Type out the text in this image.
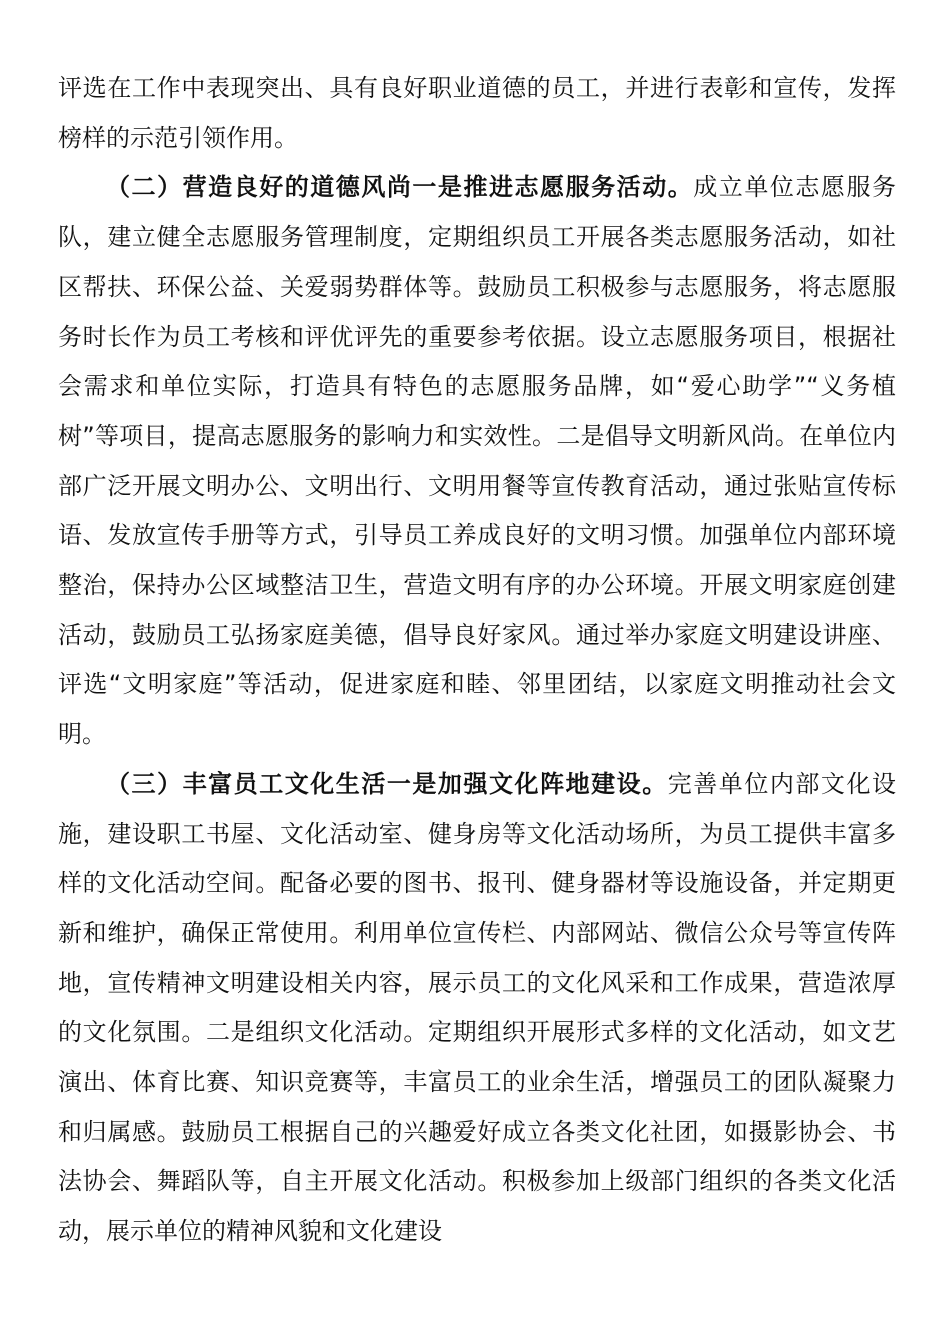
评选在工作中表现突出、具有良好职业道德的员工，并进行表彰和宣传，发挥榜样的示范引领作用。

（二）营造良好的道德风尚一是推进志愿服务活动。成立单位志愿服务队，建立健全志愿服务管理制度，定期组织员工开展各类志愿服务活动，如社区帮扶、环保公益、关爱弱势群体等。鼓励员工积极参与志愿服务，将志愿服务时长作为员工考核和评优评先的重要参考依据。设立志愿服务项目，根据社会需求和单位实际，打造具有特色的志愿服务品牌，如“爱心助学”“义务植树”等项目，提高志愿服务的影响力和实效性。二是倡导文明新风尚。在单位内部广泛开展文明办公、文明出行、文明用餐等宣传教育活动，通过张贴宣传标语、发放宣传手册等方式，引导员工养成良好的文明习惯。加强单位内部环境整治，保持办公区域整洁卫生，营造文明有序的办公环境。开展文明家庭创建活动，鼓励员工弘扬家庭美德，倡导良好家风。通过举办家庭文明建设讲座、评选“文明家庭”等活动，促进家庭和睦、邻里团结，以家庭文明推动社会文明。

（三）丰富员工文化生活一是加强文化阵地建设。完善单位内部文化设施，建设职工书屋、文化活动室、健身房等文化活动场所，为员工提供丰富多样的文化活动空间。配备必要的图书、报刊、健身器材等设施设备，并定期更新和维护，确保正常使用。利用单位宣传栏、内部网站、微信公众号等宣传阵地，宣传精神文明建设相关内容，展示员工的文化风采和工作成果，营造浓厚的文化氛围。二是组织文化活动。定期组织开展形式多样的文化活动，如文艺演出、体育比赛、知识竞赛等，丰富员工的业余生活，增强员工的团队凝聚力和归属感。鼓励员工根据自己的兴趣爱好成立各类文化社团，如摄影协会、书法协会、舞蹈队等，自主开展文化活动。积极参加上级部门组织的各类文化活动，展示单位的精神风貌和文化建设
